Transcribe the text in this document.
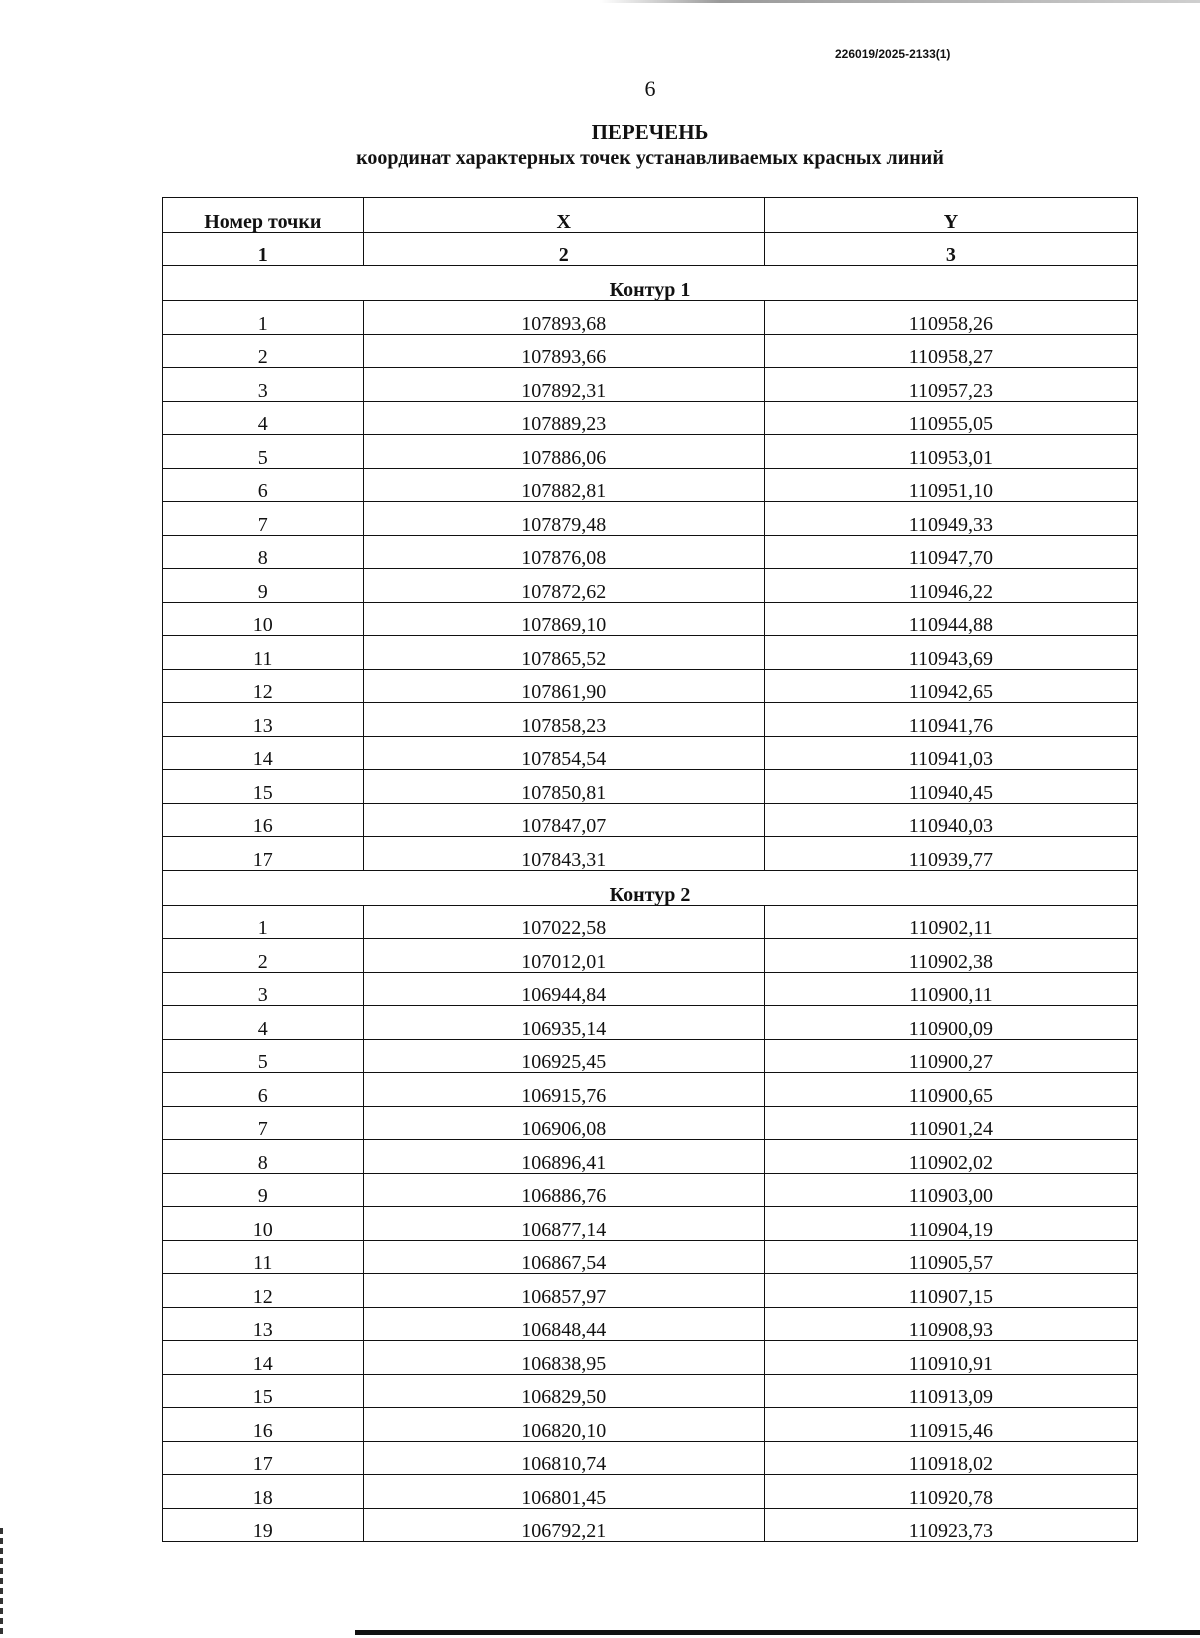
226019/2025-2133(1)
6
ПЕРЕЧЕНЬ
координат характерных точек устанавливаемых красных линий
Номер точки	X	Y
1	2	3
Контур 1		
1	107893,68	110958,26
2	107893,66	110958,27
3	107892,31	110957,23
4	107889,23	110955,05
5	107886,06	110953,01
6	107882,81	110951,10
7	107879,48	110949,33
8	107876,08	110947,70
9	107872,62	110946,22
10	107869,10	110944,88
11	107865,52	110943,69
12	107861,90	110942,65
13	107858,23	110941,76
14	107854,54	110941,03
15	107850,81	110940,45
16	107847,07	110940,03
17	107843,31	110939,77
Контур 2		
1	107022,58	110902,11
2	107012,01	110902,38
3	106944,84	110900,11
4	106935,14	110900,09
5	106925,45	110900,27
6	106915,76	110900,65
7	106906,08	110901,24
8	106896,41	110902,02
9	106886,76	110903,00
10	106877,14	110904,19
11	106867,54	110905,57
12	106857,97	110907,15
13	106848,44	110908,93
14	106838,95	110910,91
15	106829,50	110913,09
16	106820,10	110915,46
17	106810,74	110918,02
18	106801,45	110920,78
19	106792,21	110923,73
